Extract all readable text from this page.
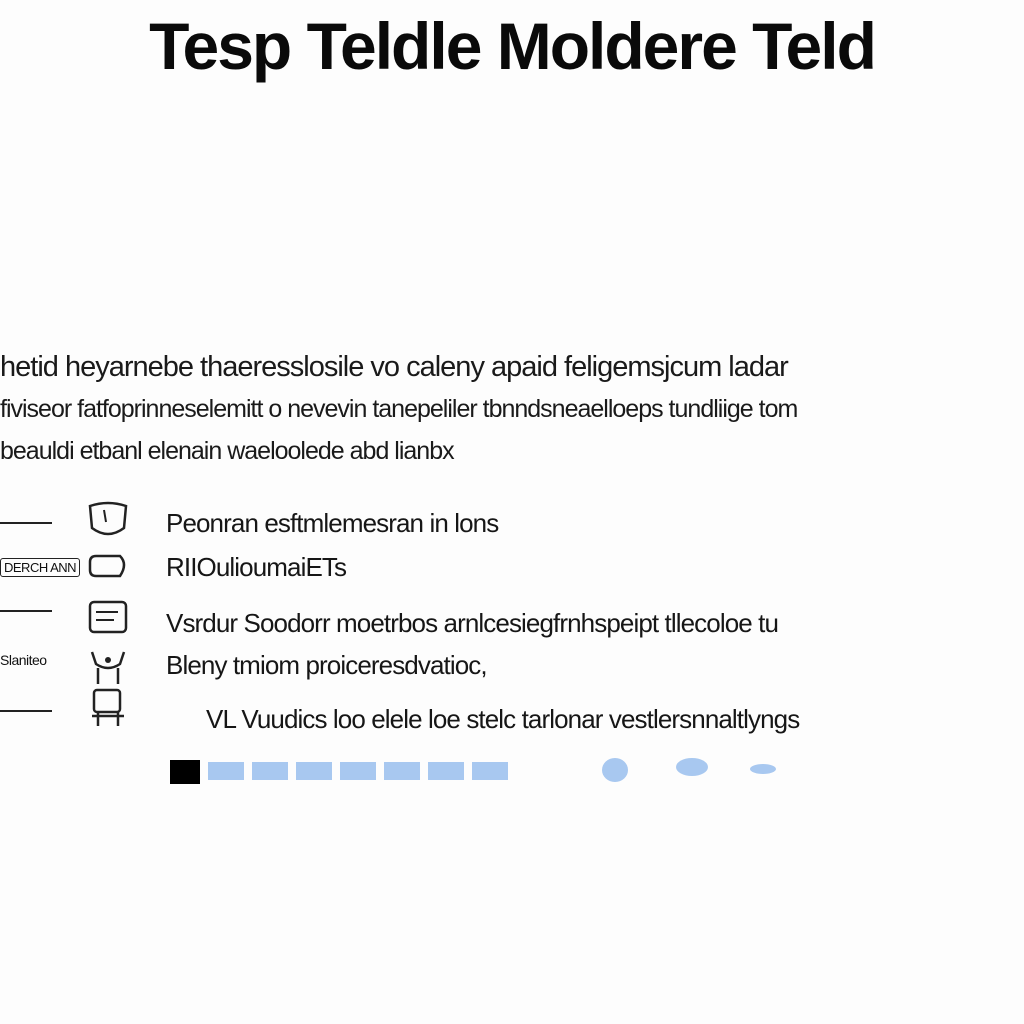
Tesp Teldle Moldere Teld
hetid heyarnebe thaeresslosile vo caleny apaid feligemsjcum ladar
fiviseor fatfoprinneselemitt o nevevin tanepeliler tbnndsneaelloeps tundliige tom
beauldi etbanl elenain waeloolede abd lianbx
Peonran esftmlemesran in lons
DERCH ANN	RIIOulioumaiETs
Vsrdur Soodorr moetrbos arnlcesiegfrnhspeipt tllecoloe tu
Slaniteo	Bleny tmiom proiceresdvatioc,
VL Vuudics loo elele loe stelc tarlonar vestlersnnaltlyngs
